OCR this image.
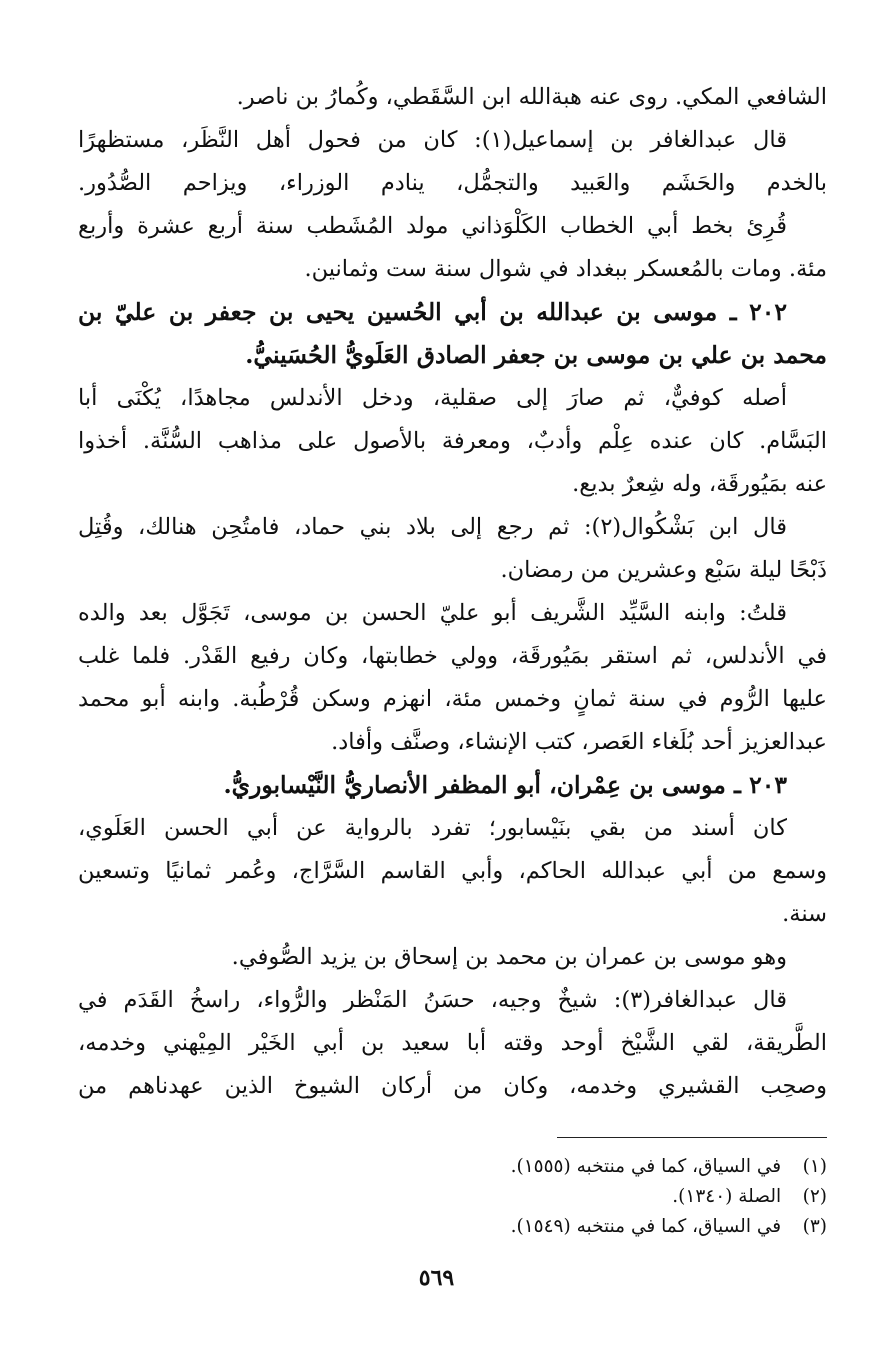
الشافعي المكي. روى عنه هبةالله ابن السَّقَطي، وكُمارُ بن ناصر.
قال عبدالغافر بن إسماعيل(١): كان من فحول أهل النَّظَر، مستظهرًا
بالخدم والحَشَم والعَبيد والتجمُّل، ينادم الوزراء، ويزاحم الصُّدُور.
قُرِئ بخط أبي الخطاب الكَلْوَذاني مولد المُشَطب سنة أربع عشرة وأربع
مئة. ومات بالمُعسكر ببغداد في شوال سنة ست وثمانين.
٢٠٢ ـ موسى بن عبدالله بن أبي الحُسين يحيى بن جعفر بن عليّ بن
محمد بن علي بن موسى بن جعفر الصادق العَلَويُّ الحُسَينيُّ.
أصله كوفيٌّ، ثم صارَ إلى صقلية، ودخل الأندلس مجاهدًا، يُكْنَى أبا
البَسَّام. كان عنده عِلْم وأدبٌ، ومعرفة بالأصول على مذاهب السُّنَّة. أخذوا
عنه بمَيُورقَة، وله شِعرٌ بديع.
قال ابن بَشْكُوال(٢): ثم رجع إلى بلاد بني حماد، فامتُحِن هنالك، وقُتِل
ذَبْحًا ليلة سَبْع وعشرين من رمضان.
قلتُ: وابنه السَّيِّد الشَّريف أبو عليّ الحسن بن موسى، تَجَوَّل بعد والده
في الأندلس، ثم استقر بمَيُورقَة، وولي خطابتها، وكان رفيع القَدْر. فلما غلب
عليها الرُّوم في سنة ثمانٍ وخمس مئة، انهزم وسكن قُرْطُبة. وابنه أبو محمد
عبدالعزيز أحد بُلَغاء العَصر، كتب الإنشاء، وصنَّف وأفاد.
٢٠٣ ـ موسى بن عِمْران، أبو المظفر الأنصاريُّ النَّيْسابوريُّ.
كان أسند من بقي بنَيْسابور؛ تفرد بالرواية عن أبي الحسن العَلَوي،
وسمع من أبي عبدالله الحاكم، وأبي القاسم السَّرَّاج، وعُمر ثمانيًا وتسعين
سنة.
وهو موسى بن عمران بن محمد بن إسحاق بن يزيد الصُّوفي.
قال عبدالغافر(٣): شيخٌ وجيه، حسَنُ المَنْظر والرُّواء، راسخُ القَدَم في
الطَّريقة، لقي الشَّيْخ أوحد وقته أبا سعيد بن أبي الخَيْر المِيْهني وخدمه،
وصحِب القشيري وخدمه، وكان من أركان الشيوخ الذين عهدناهم من
(١) في السياق، كما في منتخبه (١٥٥٥).
(٢) الصلة (١٣٤٠).
(٣) في السياق، كما في منتخبه (١٥٤٩).
٥٦٩
